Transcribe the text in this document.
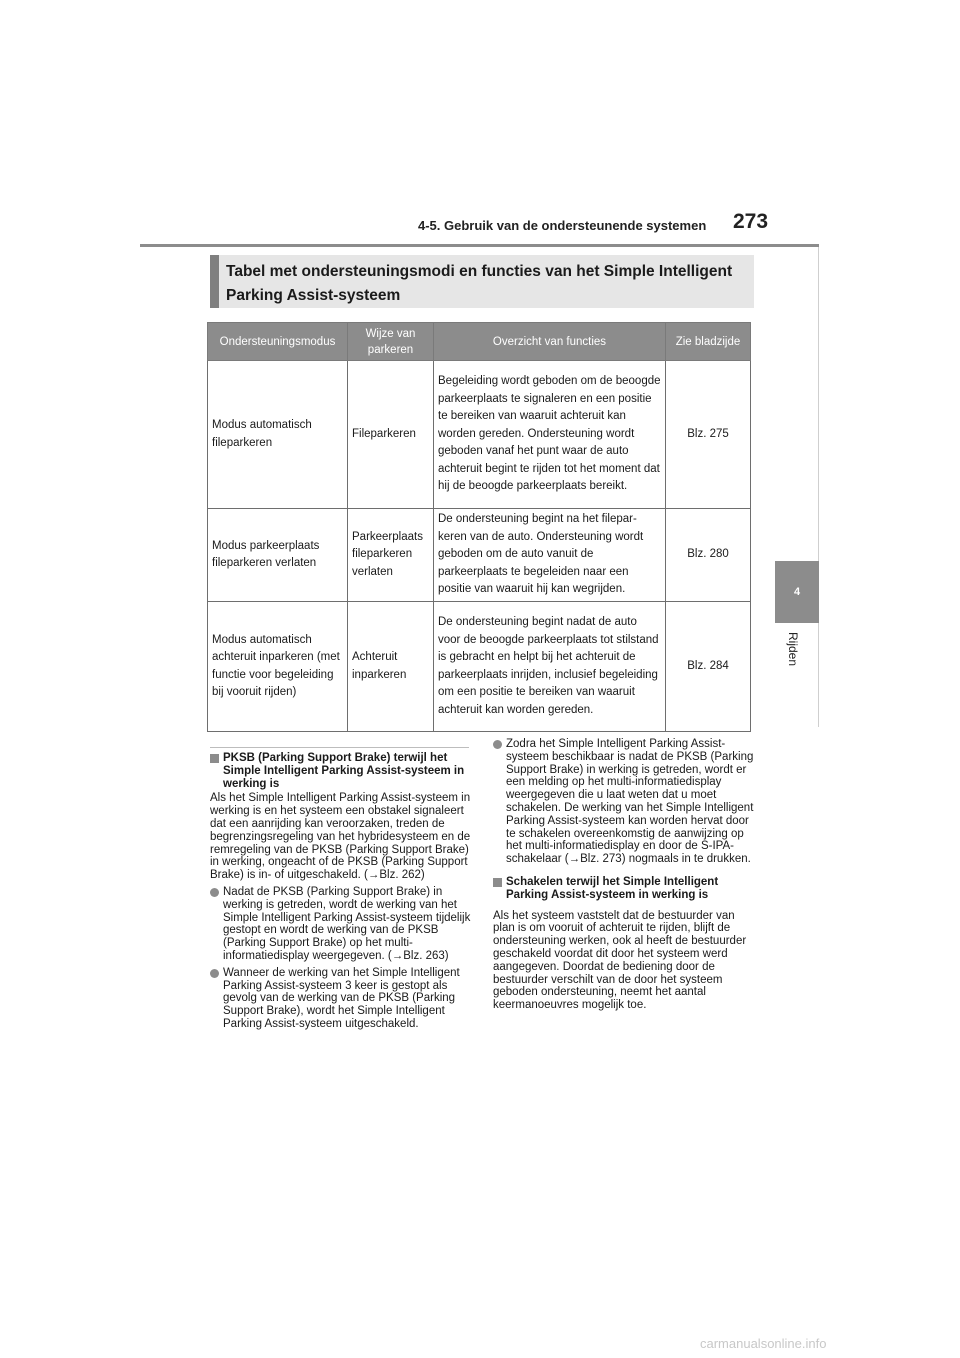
4-5. Gebruik van de ondersteunende systemen 273
4
Rijden
Tabel met ondersteuningsmodi en functies van het Simple Intelligent Parking Assist-systeem
Ondersteuningsmodus	Wijze van parkeren	Overzicht van functies	Zie bladzijde
Modus automatisch fileparkeren	Fileparkeren	Begeleiding wordt geboden om de beoogde parkeerplaats te signaleren en een positie te bereiken van waaruit achteruit kan worden gereden. Ondersteuning wordt geboden vanaf het punt waar de auto achteruit begint te rijden tot het moment dat hij de beoogde parkeerplaats bereikt.	Blz. 275
Modus parkeerplaats fileparkeren verlaten	Parkeerplaats fileparkeren verlaten	De ondersteuning begint na het fileparkeren van de auto. Ondersteuning wordt geboden om de auto vanuit de parkeerplaats te begeleiden naar een positie van waaruit hij kan wegrijden.	Blz. 280
Modus automatisch achteruit inparkeren (met functie voor begeleiding bij vooruit rijden)	Achteruit inparkeren	De ondersteuning begint nadat de auto voor de beoogde parkeerplaats tot stilstand is gebracht en helpt bij het achteruit de parkeerplaats inrijden, inclusief begeleiding om een positie te bereiken van waaruit achteruit kan worden gereden.	Blz. 284
PKSB (Parking Support Brake) terwijl het Simple Intelligent Parking Assist-systeem in werking is
Als het Simple Intelligent Parking Assist-systeem in werking is en het systeem een obstakel signaleert dat een aanrijding kan veroorzaken, treden de begrenzingsregeling van het hybridesysteem en de remregeling van de PKSB (Parking Support Brake) in werking, ongeacht of de PKSB (Parking Support Brake) is in- of uitgeschakeld. (→Blz. 262)
Nadat de PKSB (Parking Support Brake) in werking is getreden, wordt de werking van het Simple Intelligent Parking Assist-systeem tijdelijk gestopt en wordt de werking van de PKSB (Parking Support Brake) op het multi-informatiedisplay weergegeven. (→Blz. 263)
Wanneer de werking van het Simple Intelligent Parking Assist-systeem 3 keer is gestopt als gevolg van de werking van de PKSB (Parking Support Brake), wordt het Simple Intelligent Parking Assist-systeem uitgeschakeld.
Zodra het Simple Intelligent Parking Assist-systeem beschikbaar is nadat de PKSB (Parking Support Brake) in werking is getreden, wordt er een melding op het multi-informatiedisplay weergegeven die u laat weten dat u moet schakelen. De werking van het Simple Intelligent Parking Assist-systeem kan worden hervat door te schakelen overeenkomstig de aanwijzing op het multi-informatiedisplay en door de S-IPA-schakelaar (→Blz. 273) nogmaals in te drukken.
Schakelen terwijl het Simple Intelligent Parking Assist-systeem in werking is
Als het systeem vaststelt dat de bestuurder van plan is om vooruit of achteruit te rijden, blijft de ondersteuning werken, ook al heeft de bestuurder geschakeld voordat dit door het systeem werd aangegeven. Doordat de bediening door de bestuurder verschilt van de door het systeem geboden ondersteuning, neemt het aantal keermanoeuvres mogelijk toe.
carmanualsonline.info
